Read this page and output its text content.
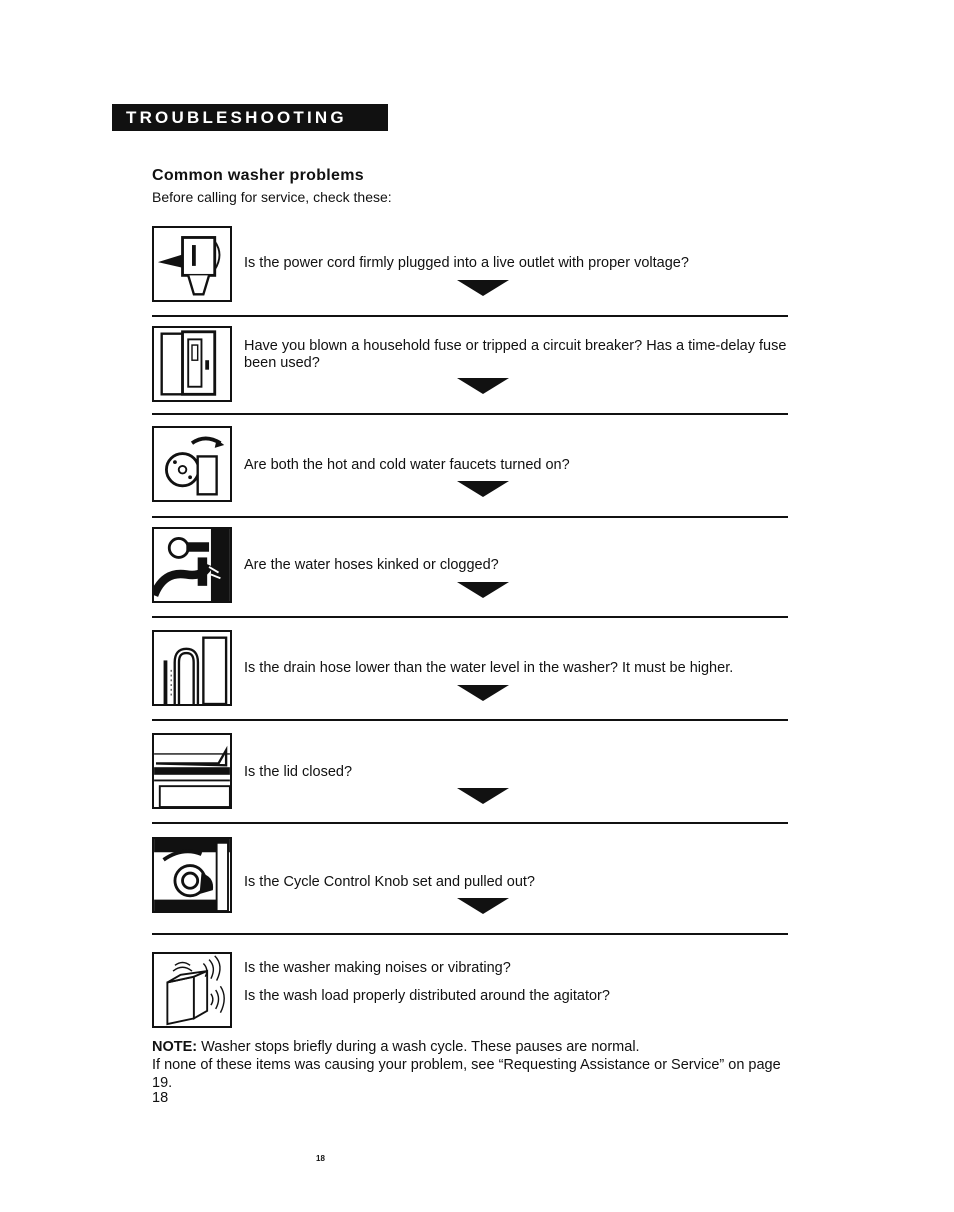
TROUBLESHOOTING
Common washer problems
Before calling for service, check these:
Is the power cord firmly plugged into a live outlet with proper voltage?
Have you blown a household fuse or tripped a circuit breaker? Has a time-delay fuse been used?
Are both the hot and cold water faucets turned on?
Are the water hoses kinked or clogged?
Is the drain hose lower than the water level in the washer? It must be higher.
Is the lid closed?
Is the Cycle Control Knob set and pulled out?
Is the washer making noises or vibrating?
Is the wash load properly distributed around the agitator?
NOTE: Washer stops briefly during a wash cycle. These pauses are normal.
If none of these items was causing your problem, see “Requesting Assistance or Service” on page 19.
18
18
